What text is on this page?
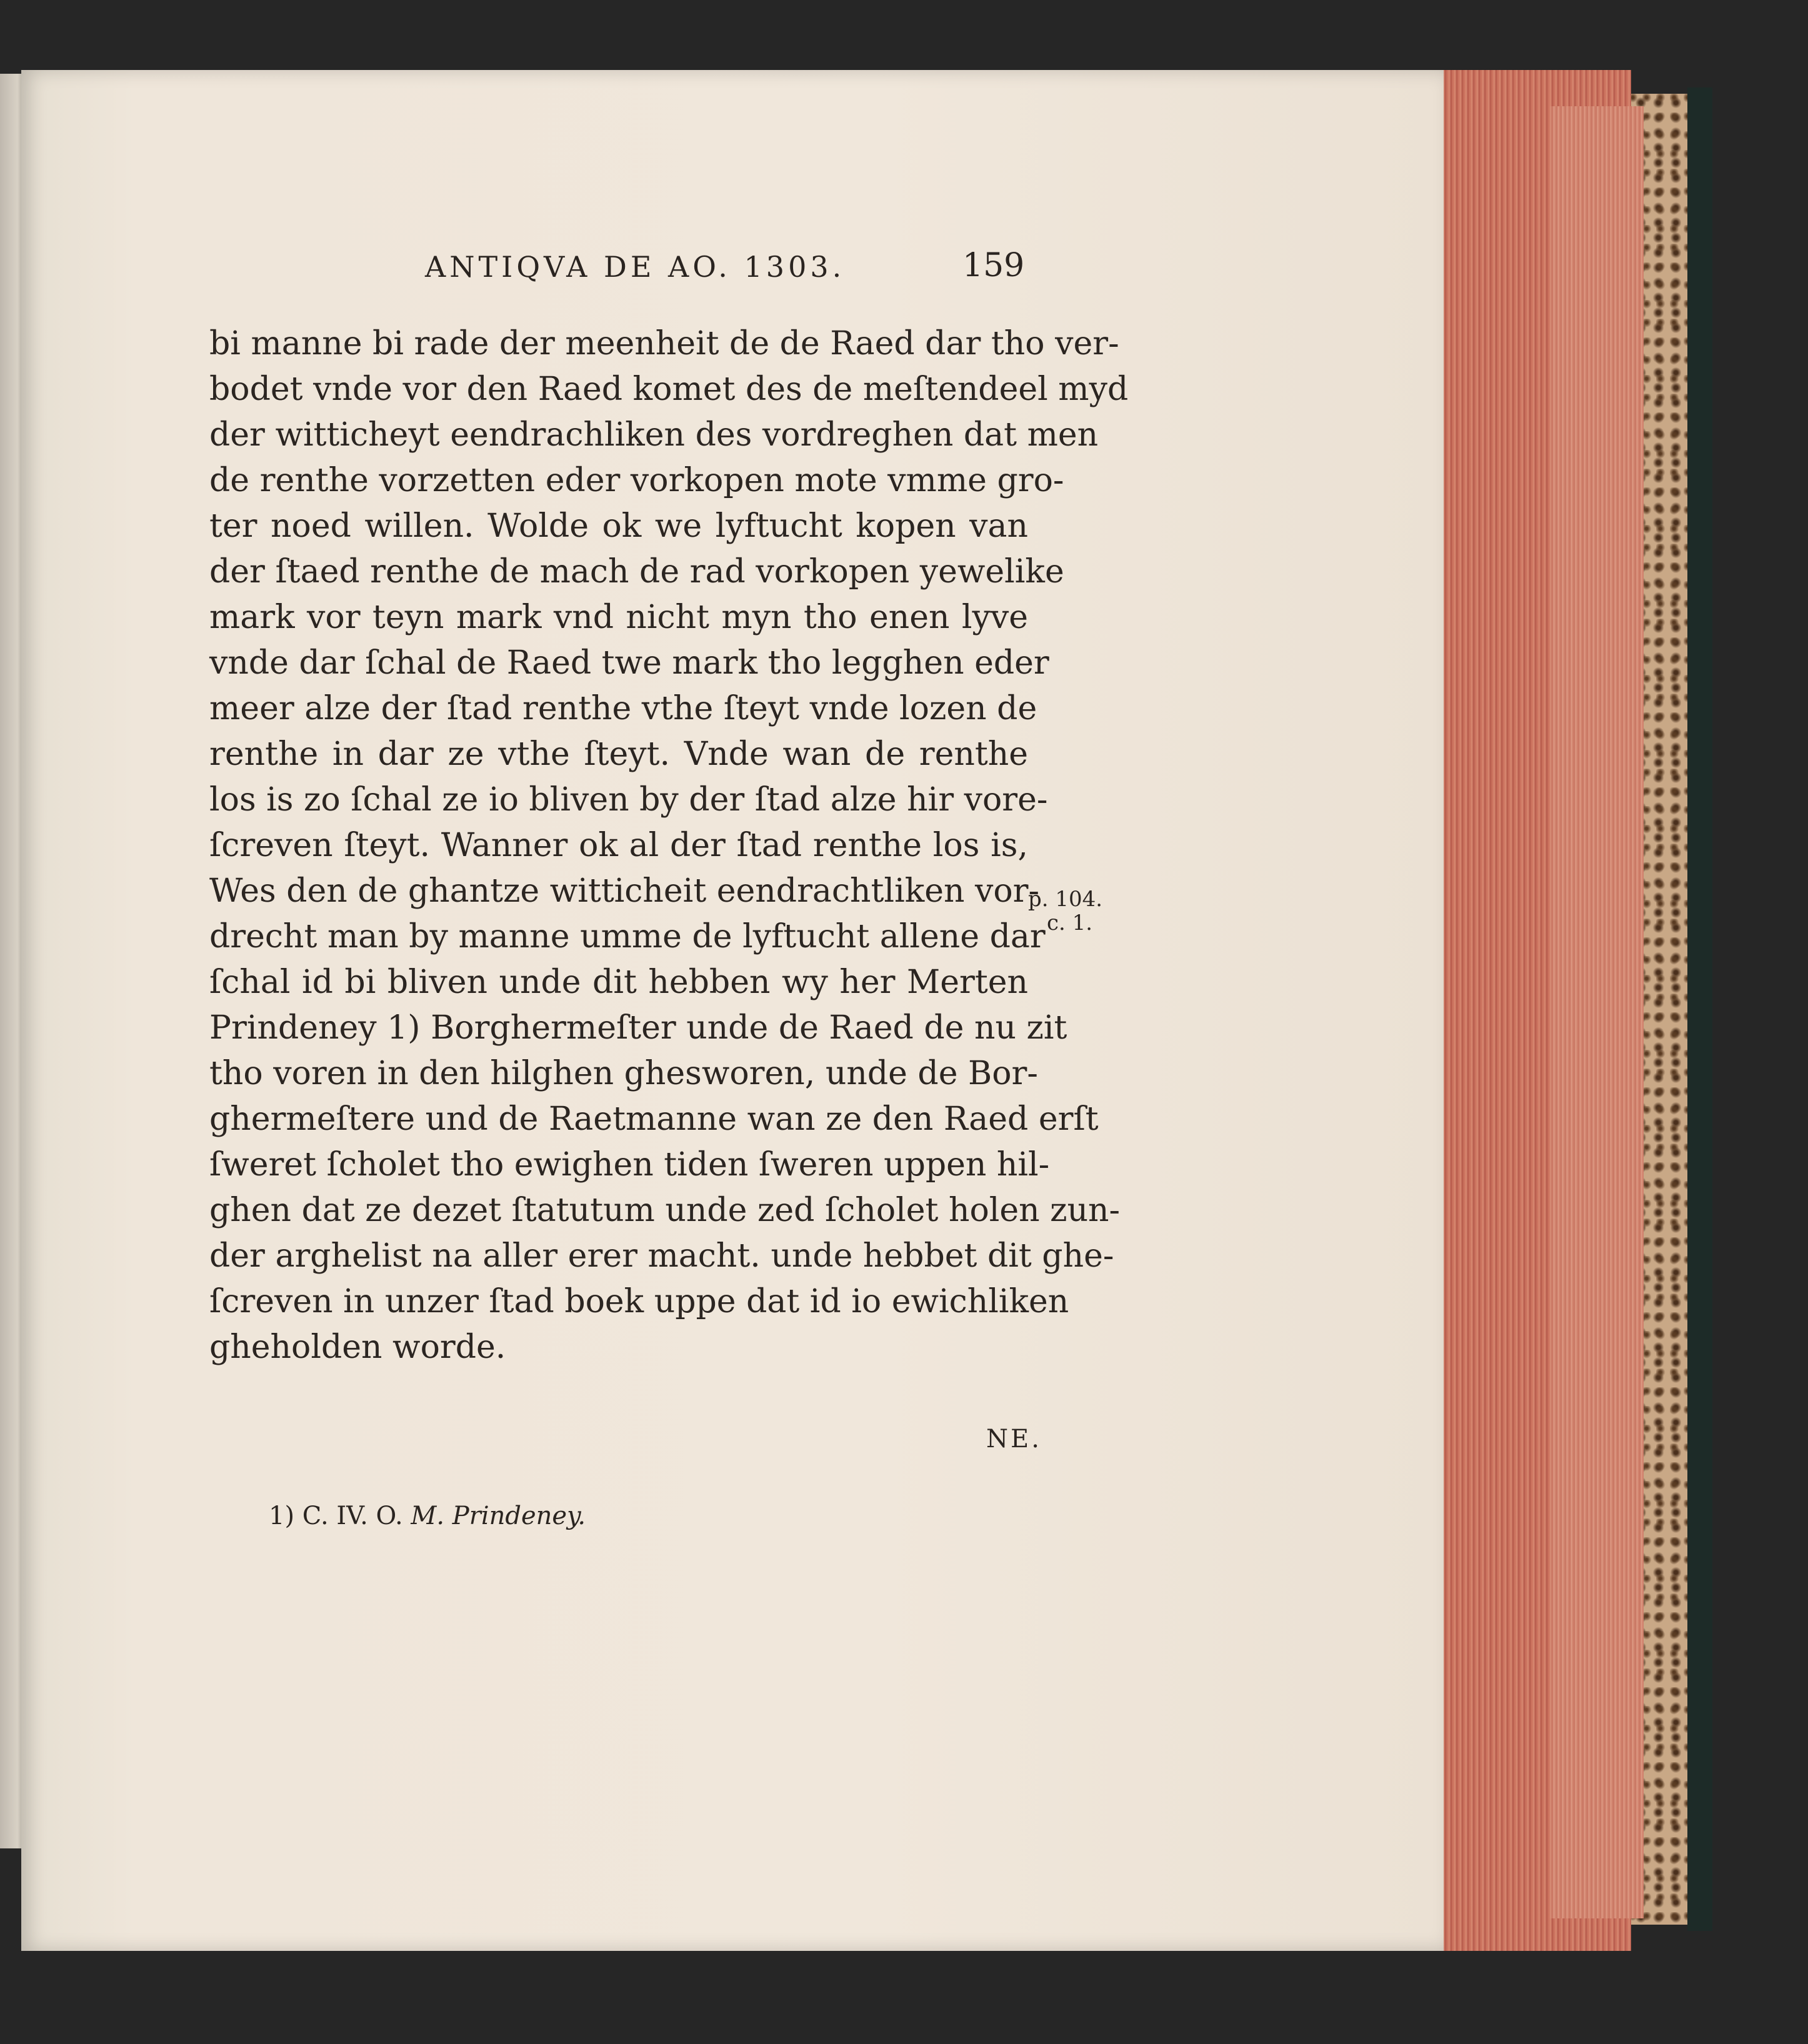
ANTIQVA DE AO. 1303.	159
bi manne bi rade der meenheit de de Raed dar tho ver-
bodet vnde vor den Raed komet des de meſtendeel myd
der witticheyt eendrachliken des vordreghen dat men
de renthe vorzetten eder vorkopen mote vmme gro-
ter noed willen. Wolde ok we lyftucht kopen van
der ſtaed renthe de mach de rad vorkopen yewelike
mark vor teyn mark vnd nicht myn tho enen lyve
vnde dar ſchal de Raed twe mark tho legghen eder
meer alze der ſtad renthe vthe ſteyt vnde lozen de
renthe in dar ze vthe ſteyt. Vnde wan de renthe
los is zo ſchal ze io bliven by der ſtad alze hir vore-
ſcreven ſteyt. Wanner ok al der ſtad renthe los is,
Wes den de ghantze witticheit eendrachtliken vor-
drecht man by manne umme de lyftucht allene dar
ſchal id bi bliven unde dit hebben wy her Merten
Prindeney 1) Borghermeſter unde de Raed de nu zit
tho voren in den hilghen ghesworen, unde de Bor-
ghermeſtere und de Raetmanne wan ze den Raed erſt
ſweret ſcholet tho ewighen tiden ſweren uppen hil-
ghen dat ze dezet ſtatutum unde zed ſcholet holen zun-
der arghelist na aller erer macht. unde hebbet dit ghe-
ſcreven in unzer ſtad boek uppe dat id io ewichliken
gheholden worde.
p. 104.
c. 1.
NE.
1) C. IV. O. M. Prindeney.
